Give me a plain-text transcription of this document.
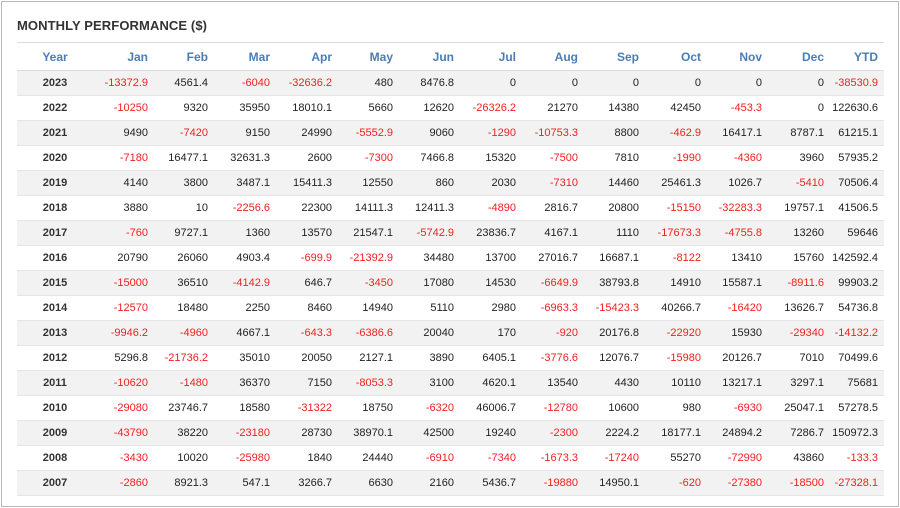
MONTHLY PERFORMANCE ($)
Year	Jan	Feb	Mar	Apr	May	Jun	Jul	Aug	Sep	Oct	Nov	Dec	YTD
2023	-13372.9	4561.4	-6040	-32636.2	480	8476.8	0	0	0	0	0	0	-38530.9
2022	-10250	9320	35950	18010.1	5660	12620	-26326.2	21270	14380	42450	-453.3	0	122630.6
2021	9490	-7420	9150	24990	-5552.9	9060	-1290	-10753.3	8800	-462.9	16417.1	8787.1	61215.1
2020	-7180	16477.1	32631.3	2600	-7300	7466.8	15320	-7500	7810	-1990	-4360	3960	57935.2
2019	4140	3800	3487.1	15411.3	12550	860	2030	-7310	14460	25461.3	1026.7	-5410	70506.4
2018	3880	10	-2256.6	22300	14111.3	12411.3	-4890	2816.7	20800	-15150	-32283.3	19757.1	41506.5
2017	-760	9727.1	1360	13570	21547.1	-5742.9	23836.7	4167.1	1110	-17673.3	-4755.8	13260	59646
2016	20790	26060	4903.4	-699.9	-21392.9	34480	13700	27016.7	16687.1	-8122	13410	15760	142592.4
2015	-15000	36510	-4142.9	646.7	-3450	17080	14530	-6649.9	38793.8	14910	15587.1	-8911.6	99903.2
2014	-12570	18480	2250	8460	14940	5110	2980	-6963.3	-15423.3	40266.7	-16420	13626.7	54736.8
2013	-9946.2	-4960	4667.1	-643.3	-6386.6	20040	170	-920	20176.8	-22920	15930	-29340	-14132.2
2012	5296.8	-21736.2	35010	20050	2127.1	3890	6405.1	-3776.6	12076.7	-15980	20126.7	7010	70499.6
2011	-10620	-1480	36370	7150	-8053.3	3100	4620.1	13540	4430	10110	13217.1	3297.1	75681
2010	-29080	23746.7	18580	-31322	18750	-6320	46006.7	-12780	10600	980	-6930	25047.1	57278.5
2009	-43790	38220	-23180	28730	38970.1	42500	19240	-2300	2224.2	18177.1	24894.2	7286.7	150972.3
2008	-3430	10020	-25980	1840	24440	-6910	-7340	-1673.3	-17240	55270	-72990	43860	-133.3
2007	-2860	8921.3	547.1	3266.7	6630	2160	5436.7	-19880	14950.1	-620	-27380	-18500	-27328.1
